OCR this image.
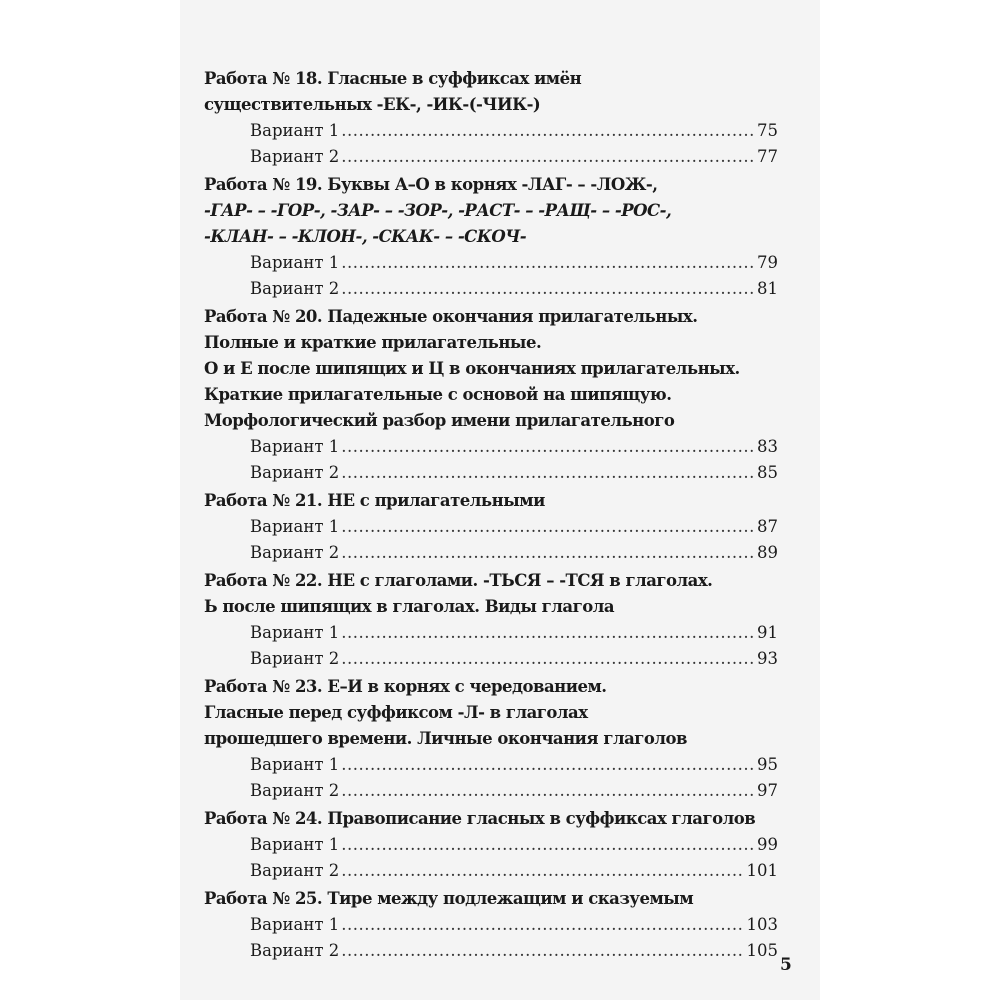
Работа № 18. Гласные в суффиксах имён
существительных -ЕК-, -ИК-(-ЧИК-)
Вариант 1 .....	75
Вариант 2 .....	77
Работа № 19. Буквы А–О в корнях -ЛАГ- – -ЛОЖ-,
-ГАР- – -ГОР-, -ЗАР- – -ЗОР-, -РАСТ- – -РАЩ- – -РОС-,
-КЛАН- – -КЛОН-, -СКАК- – -СКОЧ-
Вариант 1 .....	79
Вариант 2 .....	81
Работа № 20. Падежные окончания прилагательных.
Полные и краткие прилагательные.
О и Е после шипящих и Ц в окончаниях прилагательных.
Краткие прилагательные с основой на шипящую.
Морфологический разбор имени прилагательного
Вариант 1 .....	83
Вариант 2 .....	85
Работа № 21. НЕ с прилагательными
Вариант 1 .....	87
Вариант 2 .....	89
Работа № 22. НЕ с глаголами. -ТЬСЯ – -ТСЯ в глаголах.
Ь после шипящих в глаголах. Виды глагола
Вариант 1 .....	91
Вариант 2 .....	93
Работа № 23. Е–И в корнях с чередованием.
Гласные перед суффиксом -Л- в глаголах
прошедшего времени. Личные окончания глаголов
Вариант 1 .....	95
Вариант 2 .....	97
Работа № 24. Правописание гласных в суффиксах глаголов
Вариант 1 .....	99
Вариант 2 .....	101
Работа № 25. Тире между подлежащим и сказуемым
Вариант 1 .....	103
Вариант 2 .....	105
5
